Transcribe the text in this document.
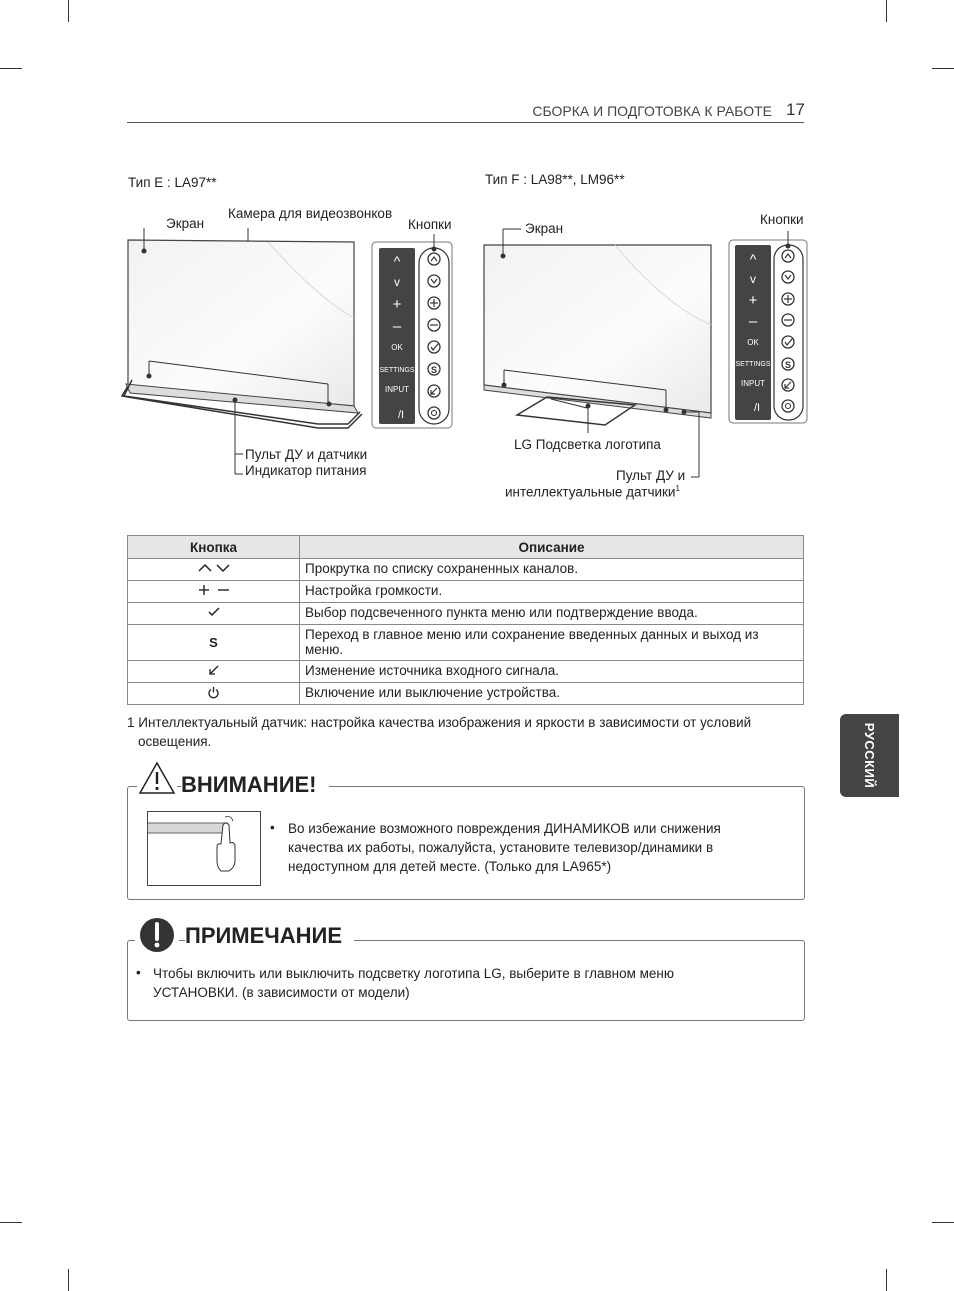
СБОРКА И ПОДГОТОВКА К РАБОТЕ 17
РУССКИЙ
Тип E : LA97**
Экран
Камера для видеозвонков
Кнопки
Пульт ДУ и датчики
Индикатор питания
^
v
+
–
OK
SETTINGS
INPUT
/I
S
Тип F : LA98**, LM96**
Экран
Кнопки
LG Подсветка логотипа
Пульт ДУ и
интеллектуальные датчики$^1$
^
v
+
–
OK
SETTINGS
INPUT
/I
S
Кнопка	Описание
	Прокрутка по списку сохраненных каналов.
	Настройка громкости.
	Выбор подсвеченного пункта меню или подтверждение ввода.
S	Переход в главное меню или сохранение введенных данных и выход из меню.
	Изменение источника входного сигнала.
	Включение или выключение устройства.
1 Интеллектуальный датчик: настройка качества изображения и яркости в зависимости от условий освещения.
ВНИМАНИЕ!
• Во избежание возможного повреждения ДИНАМИКОВ или снижения качества их работы, пожалуйста, установите телевизор/динамики в недоступном для детей месте. (Только для LA965*)
ПРИМЕЧАНИЕ
• Чтобы включить или выключить подсветку логотипа LG, выберите в главном меню УСТАНОВКИ. (в зависимости от модели)
